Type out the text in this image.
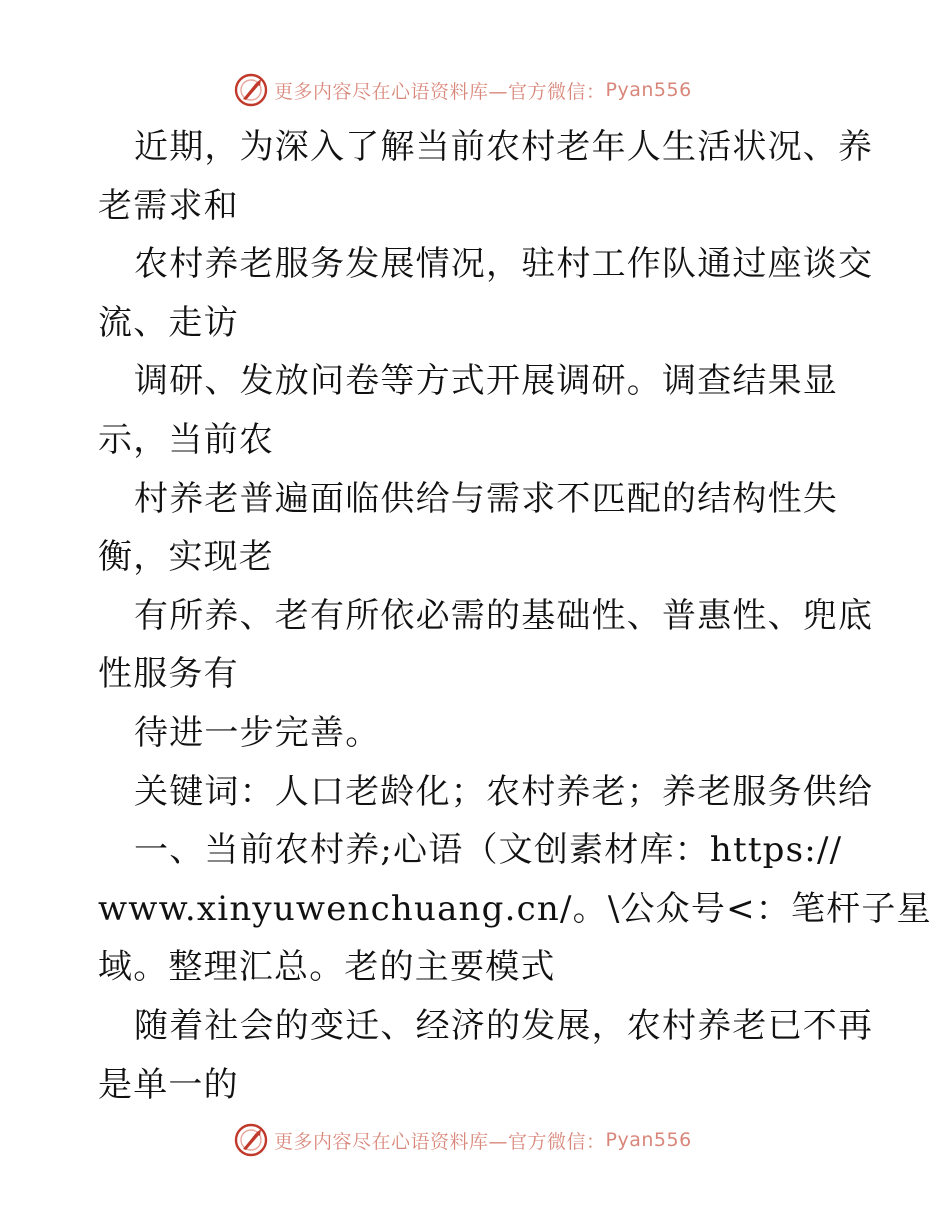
更多内容尽在心语资料库—官方微信： Pyan556
近期，为深入了解当前农村老年人生活状况、养
老需求和
农村养老服务发展情况，驻村工作队通过座谈交
流、走访
调研、发放问卷等方式开展调研。调查结果显
示，当前农
村养老普遍面临供给与需求不匹配的结构性失
衡，实现老
有所养、老有所依必需的基础性、普惠性、兜底
性服务有
待进一步完善。
关键词：人口老龄化；农村养老；养老服务供给
一、当前农村养;心语（文创素材库：https://
www.xinyuwenchuang.cn/。\公众号<：笔杆子星
域。整理汇总。老的主要模式
随着社会的变迁、经济的发展，农村养老已不再
是单一的
更多内容尽在心语资料库—官方微信： Pyan556
